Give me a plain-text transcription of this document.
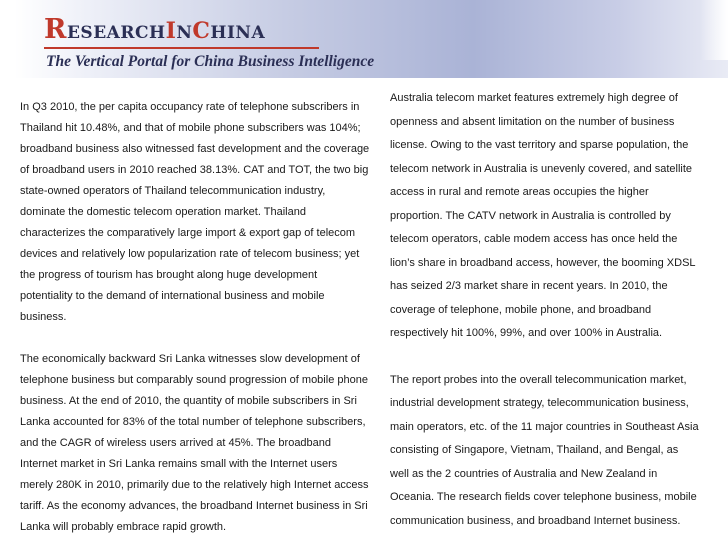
RESEARCHINCHINA
The Vertical Portal for China Business Intelligence

In Q3 2010, the per capita occupancy rate of telephone subscribers in Thailand hit 10.48%, and that of mobile phone subscribers was 104%; broadband business also witnessed fast development and the coverage of broadband users in 2010 reached 38.13%. CAT and TOT, the two big state-owned operators of Thailand telecommunication industry, dominate the domestic telecom operation market. Thailand characterizes the comparatively large import & export gap of telecom devices and relatively low popularization rate of telecom business; yet the progress of tourism has brought along huge development potentiality to the demand of international business and mobile business.

The economically backward Sri Lanka witnesses slow development of telephone business but comparably sound progression of mobile phone business. At the end of 2010, the quantity of mobile subscribers in Sri Lanka accounted for 83% of the total number of telephone subscribers, and the CAGR of wireless users arrived at 45%. The broadband Internet market in Sri Lanka remains small with the Internet users merely 280K in 2010, primarily due to the relatively high Internet access tariff. As the economy advances, the broadband Internet business in Sri Lanka will probably embrace rapid growth.

Australia telecom market features extremely high degree of openness and absent limitation on the number of business license. Owing to the vast territory and sparse population, the telecom network in Australia is unevenly covered, and satellite access in rural and remote areas occupies the higher proportion. The CATV network in Australia is controlled by telecom operators, cable modem access has once held the lion’s share in broadband access, however, the booming XDSL has seized 2/3 market share in recent years. In 2010, the coverage of telephone, mobile phone, and broadband respectively hit 100%, 99%, and over 100% in Australia.

The report probes into the overall telecommunication market, industrial development strategy, telecommunication business, main operators, etc. of the 11 major countries in Southeast Asia consisting of Singapore, Vietnam, Thailand, and Bengal, as well as the 2 countries of Australia and New Zealand in Oceania. The research fields cover telephone business, mobile communication business, and broadband Internet business.
